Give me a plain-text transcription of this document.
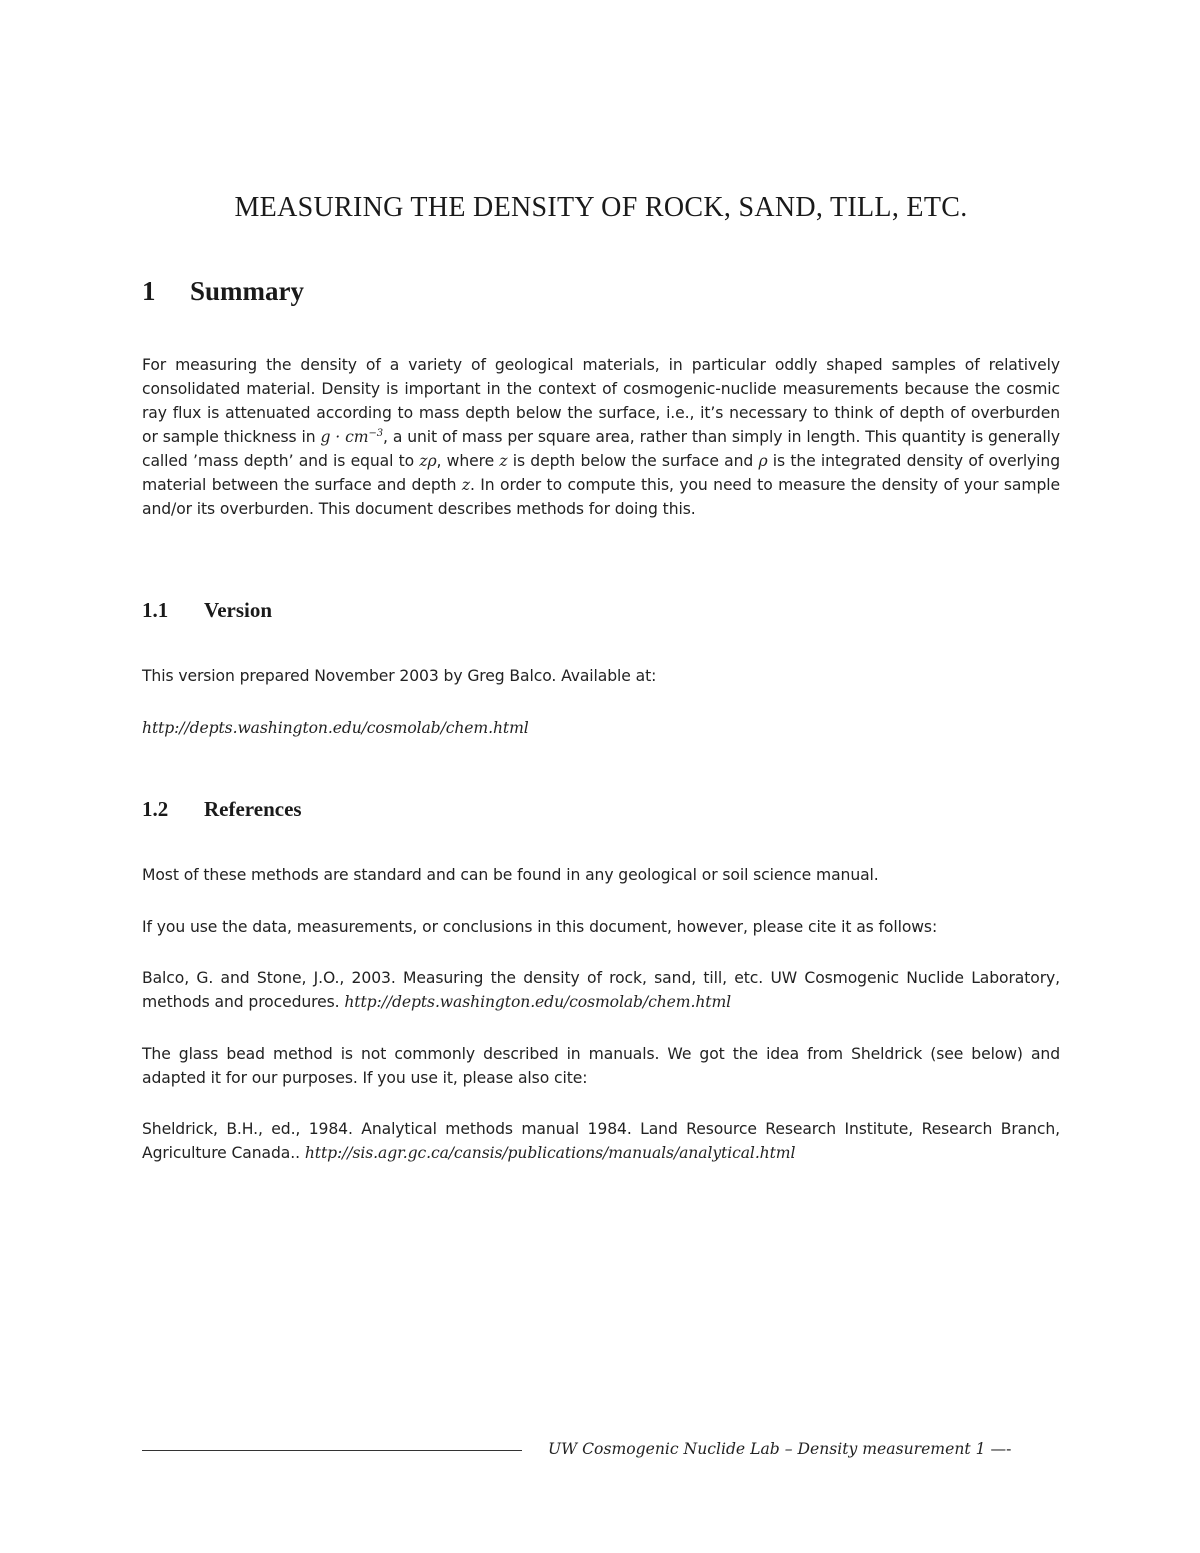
MEASURING THE DENSITY OF ROCK, SAND, TILL, ETC.
1 Summary

For measuring the density of a variety of geological materials, in particular oddly shaped samples of relatively consolidated material. Density is important in the context of cosmogenic-nuclide measurements because the cosmic ray flux is attenuated according to mass depth below the surface, i.e., it’s necessary to think of depth of overburden or sample thickness in $g \cdot cm^{-3}$, a unit of mass per square area, rather than simply in length. This quantity is generally called ’mass depth’ and is equal to zρ, where z is depth below the surface and ρ is the integrated density of overlying material between the surface and depth z. In order to compute this, you need to measure the density of your sample and/or its overburden. This document describes methods for doing this.

1.1 Version

This version prepared November 2003 by Greg Balco. Available at:

http://depts.washington.edu/cosmolab/chem.html

1.2 References

Most of these methods are standard and can be found in any geological or soil science manual.

If you use the data, measurements, or conclusions in this document, however, please cite it as follows:

Balco, G. and Stone, J.O., 2003. Measuring the density of rock, sand, till, etc. UW Cosmogenic Nuclide Laboratory, methods and procedures. http://depts.washington.edu/cosmolab/chem.html

The glass bead method is not commonly described in manuals. We got the idea from Sheldrick (see below) and adapted it for our purposes. If you use it, please also cite:

Sheldrick, B.H., ed., 1984. Analytical methods manual 1984. Land Resource Research Institute, Research Branch, Agriculture Canada.. http://sis.agr.gc.ca/cansis/publications/manuals/analytical.html

UW Cosmogenic Nuclide Lab – Density measurement 1 —-
